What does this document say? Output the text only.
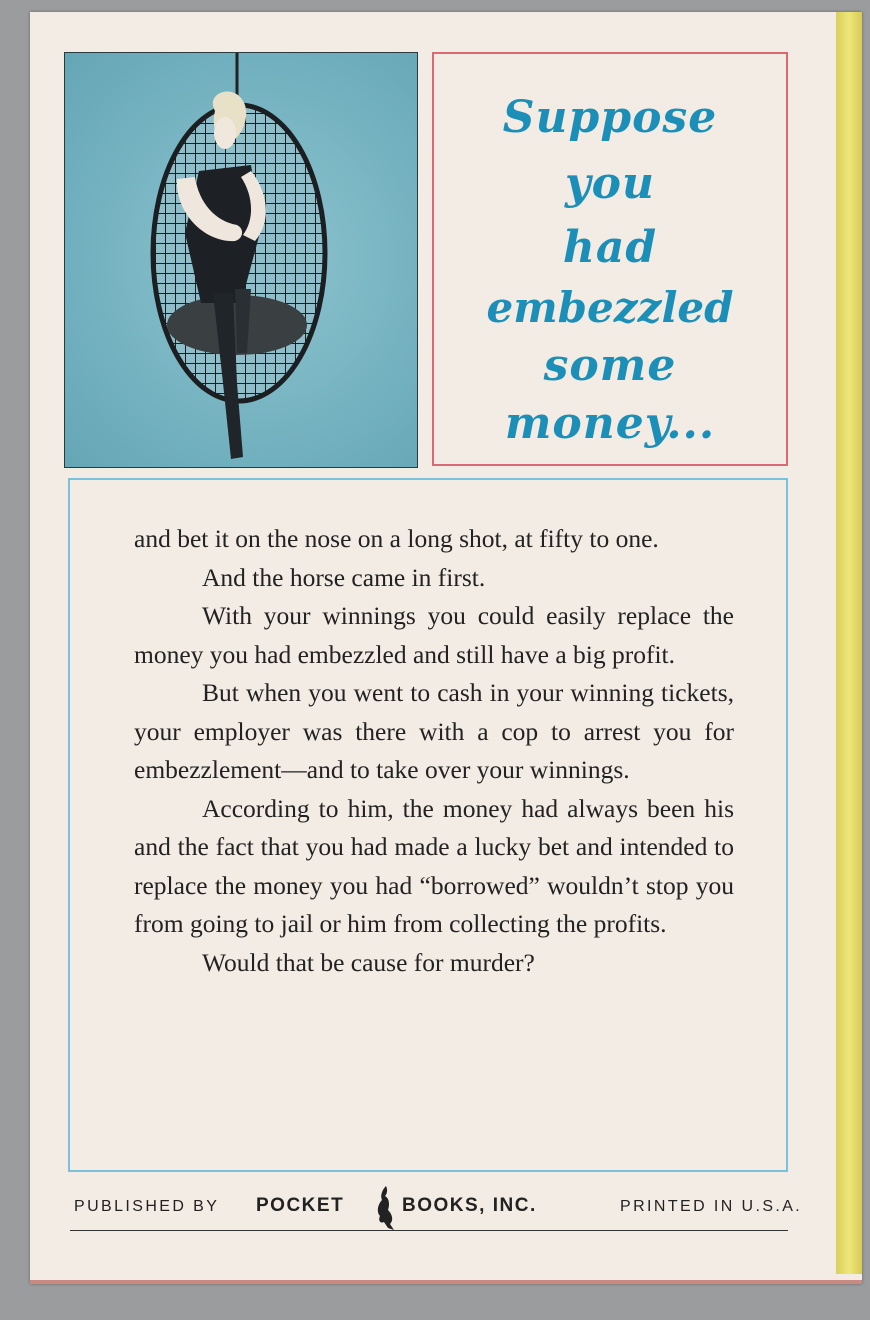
Suppose
you
had
embezzled
some
money...

and bet it on the nose on a long shot, at fifty to one.

And the horse came in first.

With your winnings you could easily replace the money you had embezzled and still have a big profit.

But when you went to cash in your winning tickets, your employer was there with a cop to arrest you for embezzlement—and to take over your winnings.

According to him, the money had always been his and the fact that you had made a lucky bet and intended to replace the money you had “borrowed” wouldn’t stop you from going to jail or him from collecting the profits.

Would that be cause for murder?

PUBLISHED BY POCKET	BOOKS, INC.	PRINTED IN U.S.A.
